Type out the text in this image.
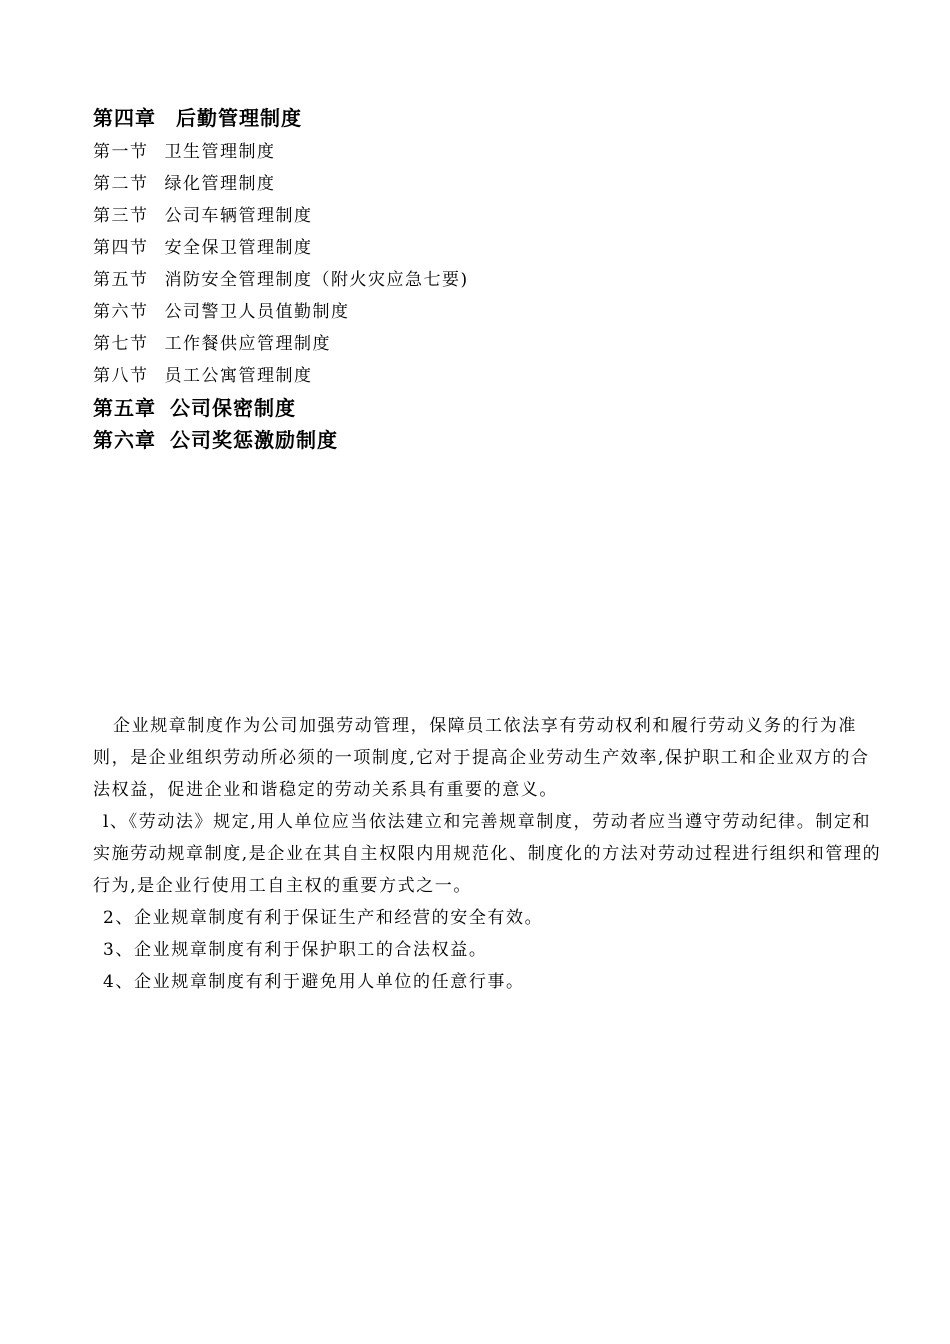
第四章 后勤管理制度
第一节 卫生管理制度
第二节 绿化管理制度
第三节 公司车辆管理制度
第四节 安全保卫管理制度
第五节 消防安全管理制度（附火灾应急七要)
第六节 公司警卫人员值勤制度
第七节 工作餐供应管理制度
第八节 员工公寓管理制度
第五章 公司保密制度
第六章 公司奖惩激励制度

企业规章制度作为公司加强劳动管理，保障员工依法享有劳动权利和履行劳动义务的行为准则，是企业组织劳动所必须的一项制度,它对于提高企业劳动生产效率,保护职工和企业双方的合法权益，促进企业和谐稳定的劳动关系具有重要的意义。

l、《劳动法》规定,用人单位应当依法建立和完善规章制度，劳动者应当遵守劳动纪律。制定和实施劳动规章制度,是企业在其自主权限内用规范化、制度化的方法对劳动过程进行组织和管理的行为,是企业行使用工自主权的重要方式之一。

2、企业规章制度有利于保证生产和经营的安全有效。

3、企业规章制度有利于保护职工的合法权益。

4、企业规章制度有利于避免用人单位的任意行事。
